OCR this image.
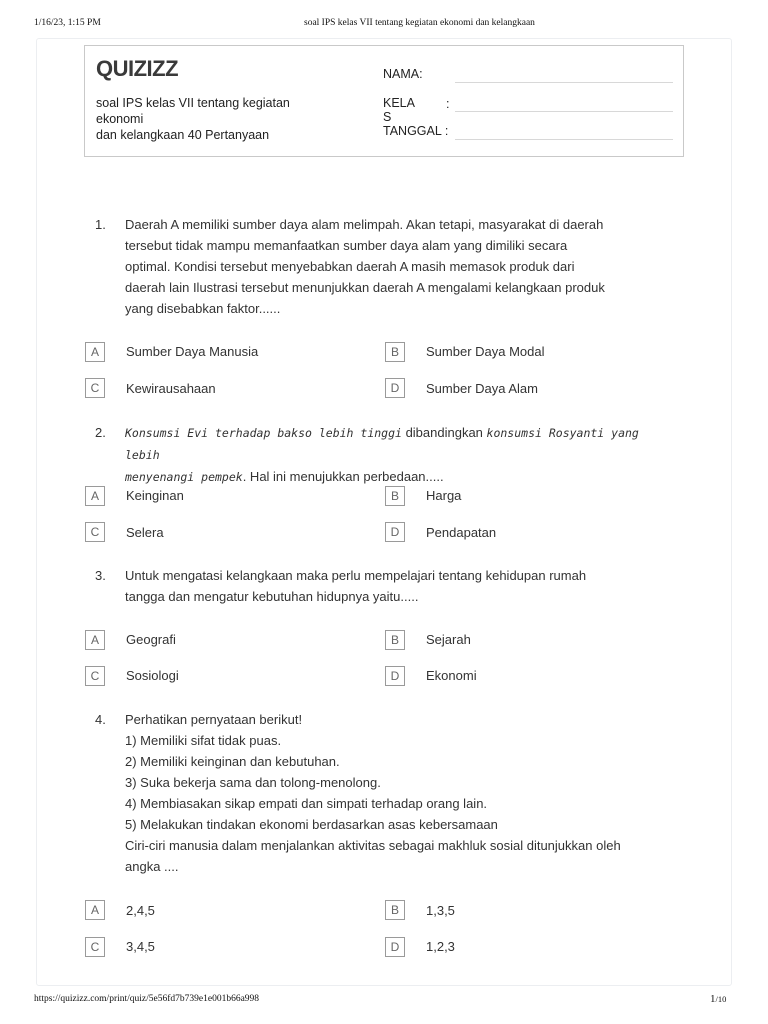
1/16/23, 1:15 PM	soal IPS kelas VII tentang kegiatan ekonomi dan kelangkaan
QUIZIZZ
soal IPS kelas VII tentang kegiatan
ekonomi
dan kelangkaan 40 Pertanyaan
NAMA:
KELA :
S
TANGGAL :
1. Daerah A memiliki sumber daya alam melimpah. Akan tetapi, masyarakat di daerah
tersebut tidak mampu memanfaatkan sumber daya alam yang dimiliki secara
optimal. Kondisi tersebut menyebabkan daerah A masih memasok produk dari
daerah lain Ilustrasi tersebut menunjukkan daerah A mengalami kelangkaan produk
yang disebabkan faktor......
A	Sumber Daya Manusia	B	Sumber Daya Modal
C	Kewirausahaan	D	Sumber Daya Alam
2. Konsumsi Evi terhadap bakso lebih tinggi dibandingkan konsumsi Rosyanti yang lebih
menyenangi pempek. Hal ini menujukkan perbedaan.....
A	Keinginan	B	Harga
C	Selera	D	Pendapatan
3. Untuk mengatasi kelangkaan maka perlu mempelajari tentang kehidupan rumah
tangga dan mengatur kebutuhan hidupnya yaitu.....
A	Geografi	B	Sejarah
C	Sosiologi	D	Ekonomi
4. Perhatikan pernyataan berikut!
1) Memiliki sifat tidak puas.
2) Memiliki keinginan dan kebutuhan.
3) Suka bekerja sama dan tolong-menolong.
4) Membiasakan sikap empati dan simpati terhadap orang lain.
5) Melakukan tindakan ekonomi berdasarkan asas kebersamaan
Ciri-ciri manusia dalam menjalankan aktivitas sebagai makhluk sosial ditunjukkan oleh
angka ....
A	2,4,5	B	1,3,5
C	3,4,5	D	1,2,3
https://quizizz.com/print/quiz/5e56fd7b739e1e001b66a998	1/10
